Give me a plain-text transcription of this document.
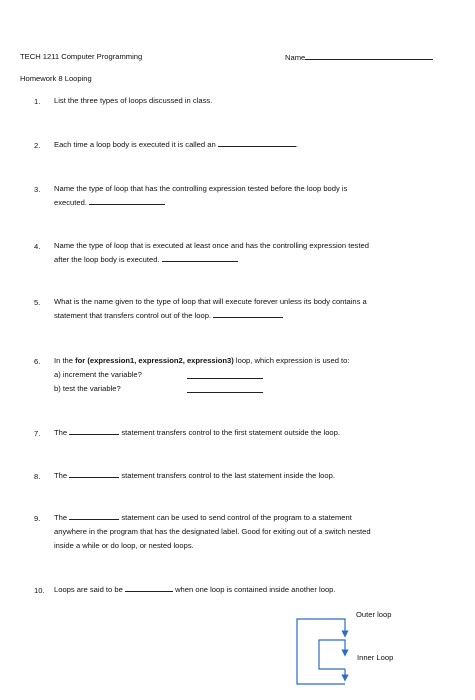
TECH 1211 Computer Programming	Name
Homework 8 Looping
1.	List the three types of loops discussed in class.
2.	Each time a loop body is executed it is called an	.
3.	Name the type of loop that has the controlling expression tested before the loop body is
executed.
4.	Name the type of loop that is executed at least once and has the controlling expression tested
after the loop body is executed.
5.	What is the name given to the type of loop that will execute forever unless its body contains a
statement that transfers control out of the loop.
6.	In the for (expression1, expression2, expression3) loop, which expression is used to:
a) increment the variable?
b) test the variable?
7.	The	statement transfers control to the first statement outside the loop.
8.	The	statement transfers control to the last statement inside the loop.
9.	The	statement can be used to send control of the program to a statement
anywhere in the program that has the designated label. Good for exiting out of a switch nested
inside a while or do loop, or nested loops.
10. Loops are said to be	when one loop is contained inside another loop.
Outer loop
Inner Loop
